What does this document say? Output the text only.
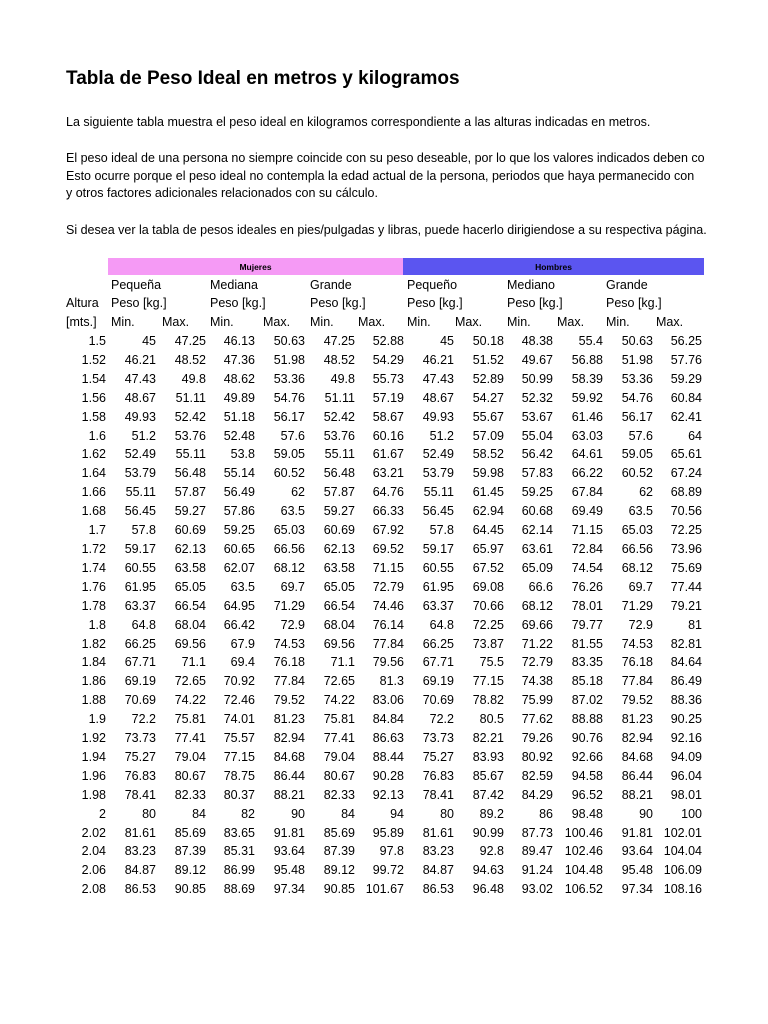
Tabla de Peso Ideal en metros y kilogramos
La siguiente tabla muestra el peso ideal en kilogramos correspondiente a las alturas indicadas en metros.
El peso ideal de una persona no siempre coincide con su peso deseable, por lo que los valores indicados deben co
Esto ocurre porque el peso ideal no contempla la edad actual de la persona, periodos que haya permanecido con
y otros factores adicionales relacionados con su cálculo.
Si desea ver la tabla de pesos ideales en pies/pulgadas y libras, puede hacerlo dirigiendose a su respectiva página.
Mujeres	Hombres
Pequeña	Mediana	Grande	Pequeño	Mediano	Grande
Altura Peso [kg.]	Peso [kg.]	Peso [kg.]	Peso [kg.]	Peso [kg.]	Peso [kg.]
[mts.] Min. Max. Min. Max. Min. Max. Min. Max. Min. Max. Min. Max.
1.5	45	47.25	46.13	50.63	47.25	52.88	45	50.18	48.38	55.4	50.63	56.25
1.52	46.21	48.52	47.36	51.98	48.52	54.29	46.21	51.52	49.67	56.88	51.98	57.76
1.54	47.43	49.8	48.62	53.36	49.8	55.73	47.43	52.89	50.99	58.39	53.36	59.29
1.56	48.67	51.11	49.89	54.76	51.11	57.19	48.67	54.27	52.32	59.92	54.76	60.84
1.58	49.93	52.42	51.18	56.17	52.42	58.67	49.93	55.67	53.67	61.46	56.17	62.41
1.6	51.2	53.76	52.48	57.6	53.76	60.16	51.2	57.09	55.04	63.03	57.6	64
1.62	52.49	55.11	53.8	59.05	55.11	61.67	52.49	58.52	56.42	64.61	59.05	65.61
1.64	53.79	56.48	55.14	60.52	56.48	63.21	53.79	59.98	57.83	66.22	60.52	67.24
1.66	55.11	57.87	56.49	62	57.87	64.76	55.11	61.45	59.25	67.84	62	68.89
1.68	56.45	59.27	57.86	63.5	59.27	66.33	56.45	62.94	60.68	69.49	63.5	70.56
1.7	57.8	60.69	59.25	65.03	60.69	67.92	57.8	64.45	62.14	71.15	65.03	72.25
1.72	59.17	62.13	60.65	66.56	62.13	69.52	59.17	65.97	63.61	72.84	66.56	73.96
1.74	60.55	63.58	62.07	68.12	63.58	71.15	60.55	67.52	65.09	74.54	68.12	75.69
1.76	61.95	65.05	63.5	69.7	65.05	72.79	61.95	69.08	66.6	76.26	69.7	77.44
1.78	63.37	66.54	64.95	71.29	66.54	74.46	63.37	70.66	68.12	78.01	71.29	79.21
1.8	64.8	68.04	66.42	72.9	68.04	76.14	64.8	72.25	69.66	79.77	72.9	81
1.82	66.25	69.56	67.9	74.53	69.56	77.84	66.25	73.87	71.22	81.55	74.53	82.81
1.84	67.71	71.1	69.4	76.18	71.1	79.56	67.71	75.5	72.79	83.35	76.18	84.64
1.86	69.19	72.65	70.92	77.84	72.65	81.3	69.19	77.15	74.38	85.18	77.84	86.49
1.88	70.69	74.22	72.46	79.52	74.22	83.06	70.69	78.82	75.99	87.02	79.52	88.36
1.9	72.2	75.81	74.01	81.23	75.81	84.84	72.2	80.5	77.62	88.88	81.23	90.25
1.92	73.73	77.41	75.57	82.94	77.41	86.63	73.73	82.21	79.26	90.76	82.94	92.16
1.94	75.27	79.04	77.15	84.68	79.04	88.44	75.27	83.93	80.92	92.66	84.68	94.09
1.96	76.83	80.67	78.75	86.44	80.67	90.28	76.83	85.67	82.59	94.58	86.44	96.04
1.98	78.41	82.33	80.37	88.21	82.33	92.13	78.41	87.42	84.29	96.52	88.21	98.01
2	80	84	82	90	84	94	80	89.2	86	98.48	90	100
2.02	81.61	85.69	83.65	91.81	85.69	95.89	81.61	90.99	87.73	100.46	91.81	102.01
2.04	83.23	87.39	85.31	93.64	87.39	97.8	83.23	92.8	89.47	102.46	93.64	104.04
2.06	84.87	89.12	86.99	95.48	89.12	99.72	84.87	94.63	91.24	104.48	95.48	106.09
2.08	86.53	90.85	88.69	97.34	90.85	101.67	86.53	96.48	93.02	106.52	97.34	108.16
